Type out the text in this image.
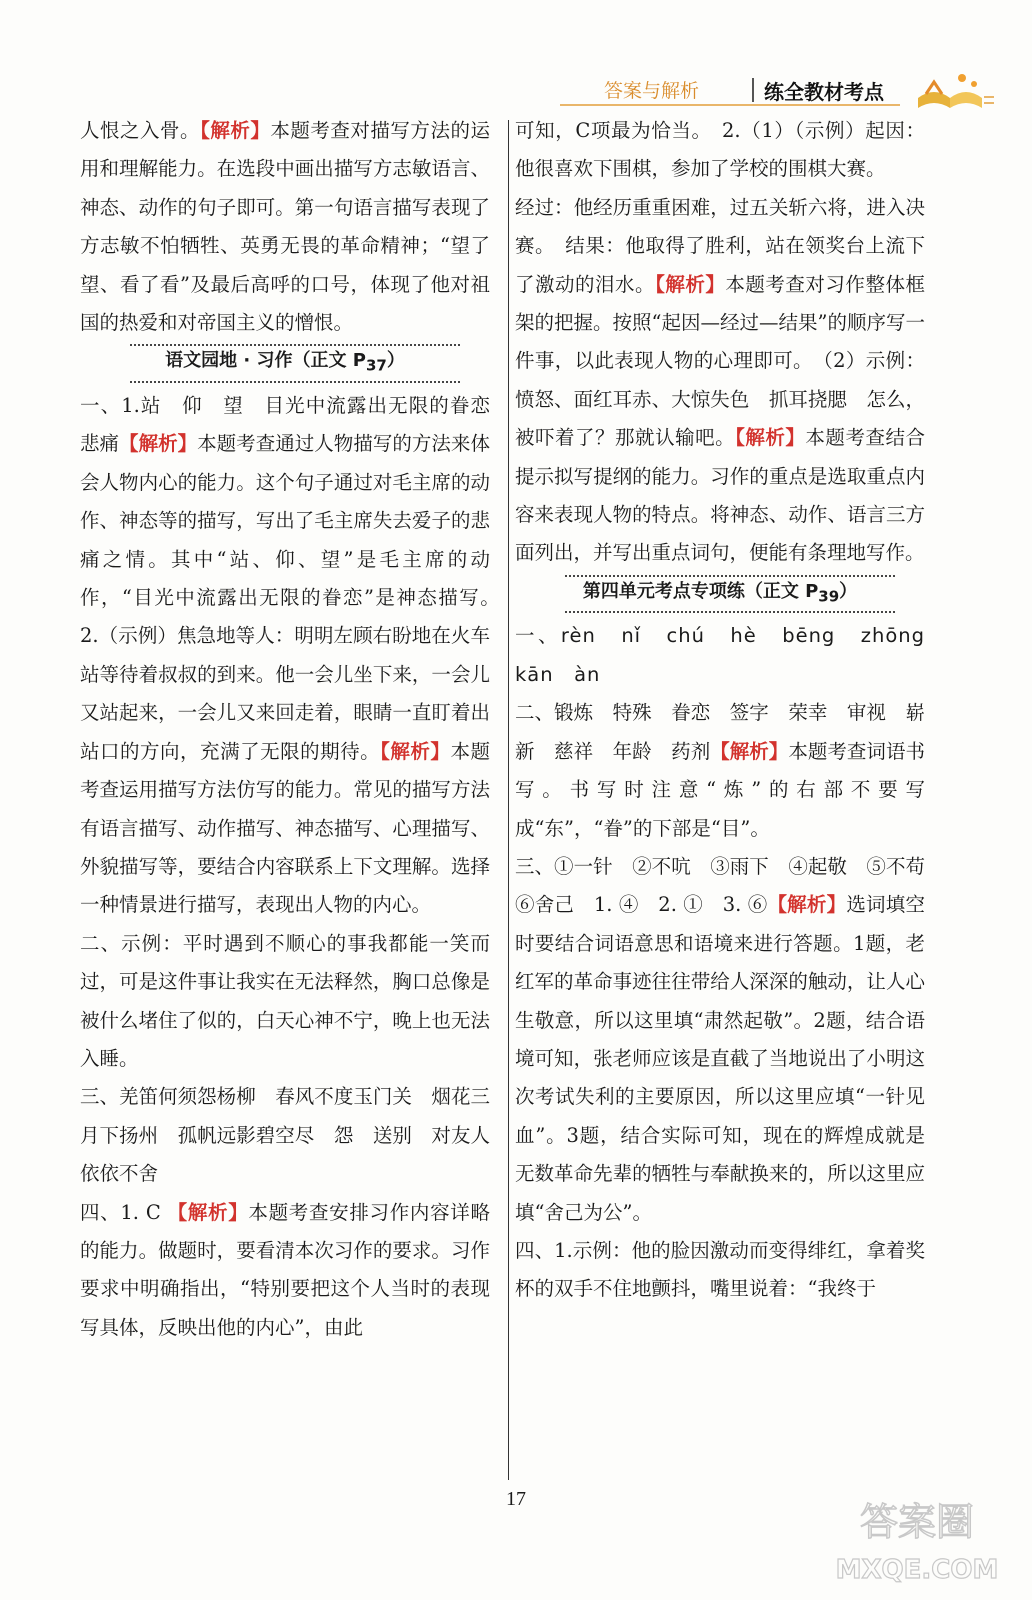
答案与解析	练全教材考点

人恨之入骨。【解析】本题考查对描写方法的运用和理解能力。在选段中画出描写方志敏语言、神态、动作的句子即可。第一句语言描写表现了方志敏不怕牺牲、英勇无畏的革命精神；“望了望、看了看”及最后高呼的口号，体现了他对祖国的热爱和对帝国主义的憎恨。

语文园地 · 习作（正文 $P_{37}$）

一、1.站　仰　望　目光中流露出无限的眷恋　悲痛【解析】本题考查通过人物描写的方法来体会人物内心的能力。这个句子通过对毛主席的动作、神态等的描写，写出了毛主席失去爱子的悲痛之情。其中“站、仰、望”是毛主席的动作，“目光中流露出无限的眷恋”是神态描写。　2.（示例）焦急地等人：明明左顾右盼地在火车站等待着叔叔的到来。他一会儿坐下来，一会儿又站起来，一会儿又来回走着，眼睛一直盯着出站口的方向，充满了无限的期待。【解析】本题考查运用描写方法仿写的能力。常见的描写方法有语言描写、动作描写、神态描写、心理描写、外貌描写等，要结合内容联系上下文理解。选择一种情景进行描写，表现出人物的内心。

二、示例：平时遇到不顺心的事我都能一笑而过，可是这件事让我实在无法释然，胸口总像是被什么堵住了似的，白天心神不宁，晚上也无法入睡。

三、羌笛何须怨杨柳　春风不度玉门关　烟花三月下扬州　孤帆远影碧空尽　怨　送别　对友人依依不舍

四、1. C 【解析】本题考查安排习作内容详略的能力。做题时，要看清本次习作的要求。习作要求中明确指出，“特别要把这个人当时的表现写具体，反映出他的内心”，由此

可知，C项最为恰当。　2.（1）（示例）起因：他很喜欢下围棋，参加了学校的围棋大赛。

经过：他经历重重困难，过五关斩六将，进入决赛。　结果：他取得了胜利，站在领奖台上流下了激动的泪水。【解析】本题考查对习作整体框架的把握。按照“起因—经过—结果”的顺序写一件事，以此表现人物的心理即可。　（2）示例：愤怒、面红耳赤、大惊失色　抓耳挠腮　怎么，被吓着了？那就认输吧。【解析】本题考查结合提示拟写提纲的能力。习作的重点是选取重点内容来表现人物的特点。将神态、动作、语言三方面列出，并写出重点词句，便能有条理地写作。

第四单元考点专项练（正文 $P_{39}$）

一、rèn　nǐ　chú　hè　bēng　zhōng　kān　àn

二、锻炼　特殊　眷恋　签字　荣幸　审视　崭新　慈祥　年龄　药剂【解析】本题考查词语书写。书写时注意“炼”的右部不要写成“东”，“眷”的下部是“目”。

三、①一针　②不吭　③雨下　④起敬　⑤不苟　⑥舍己　1. ④　2. ①　3. ⑥【解析】选词填空时要结合词语意思和语境来进行答题。1题，老红军的革命事迹往往带给人深深的触动，让人心生敬意，所以这里填“肃然起敬”。2题，结合语境可知，张老师应该是直截了当地说出了小明这次考试失利的主要原因，所以这里应填“一针见血”。3题，结合实际可知，现在的辉煌成就是无数革命先辈的牺牲与奉献换来的，所以这里应填“舍己为公”。

四、1.示例：他的脸因激动而变得绯红，拿着奖杯的双手不住地颤抖，嘴里说着：“我终于

17
答案圈
MXQE.COM
